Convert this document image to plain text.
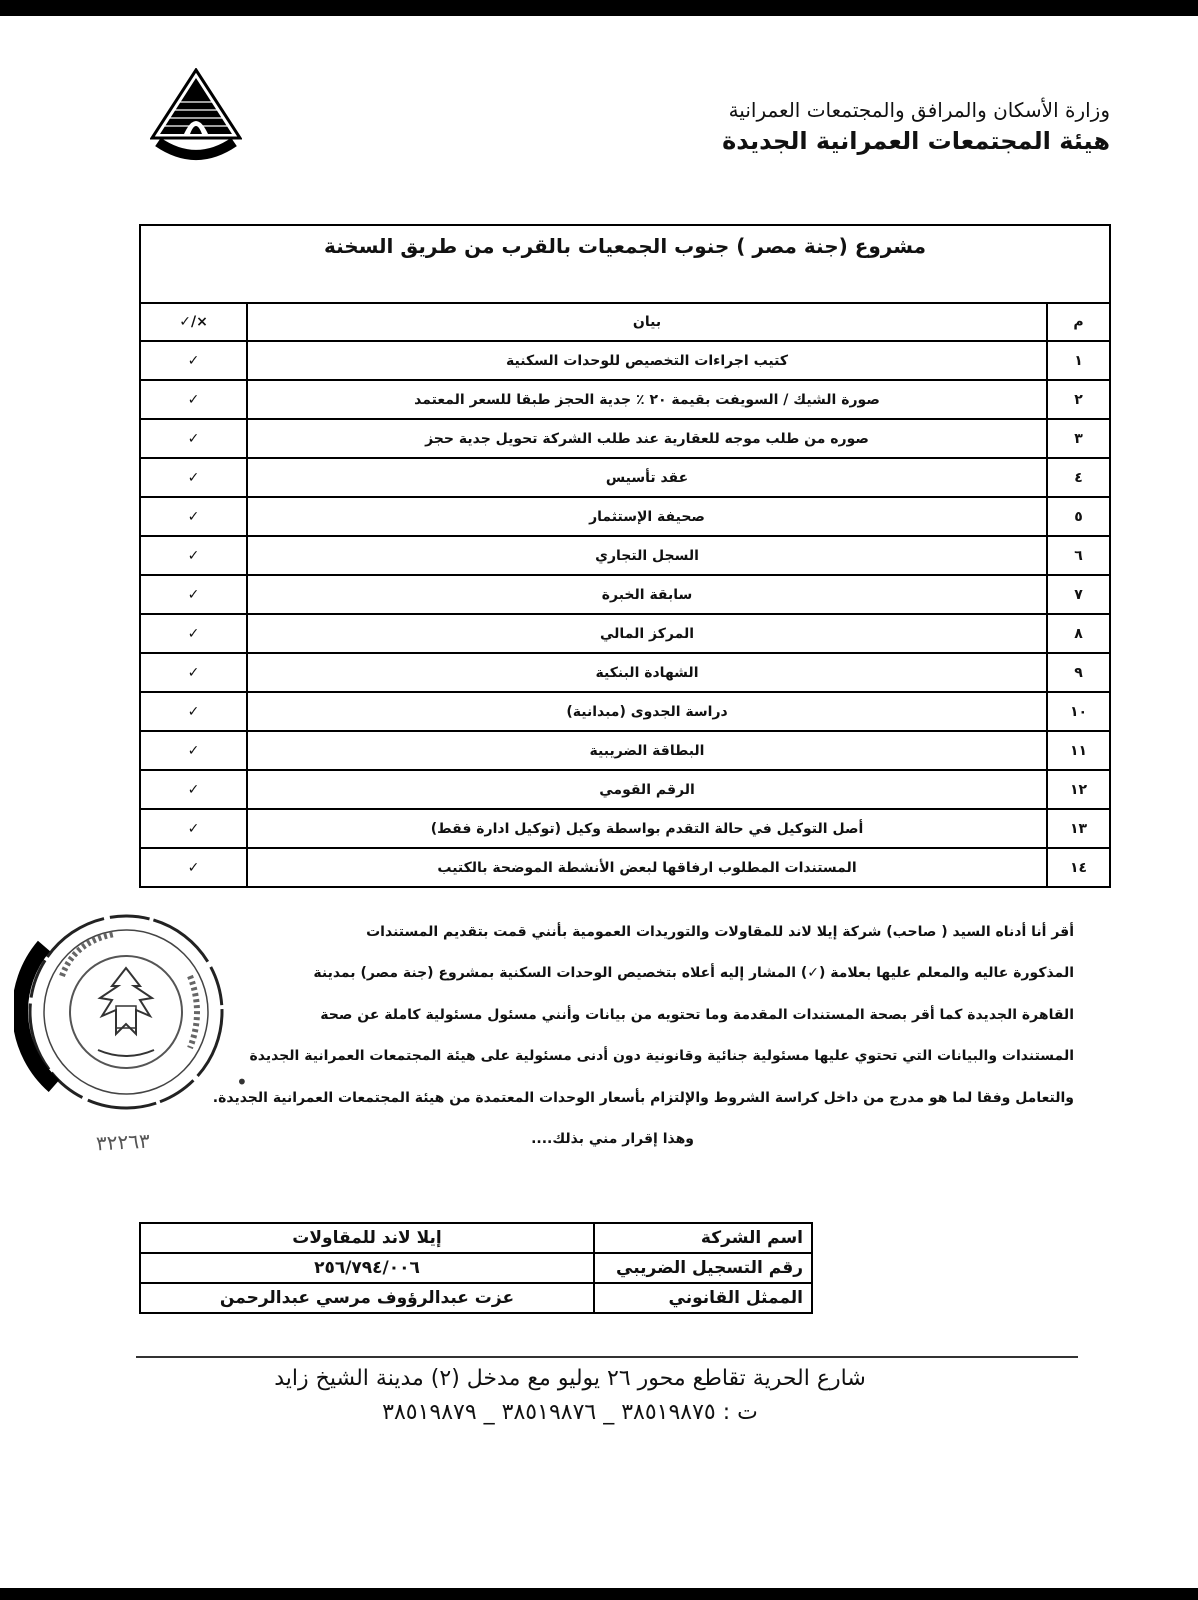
وزارة الأسكان والمرافق والمجتمعات العمرانية
هيئة المجتمعات العمرانية الجديدة
مشروع (جنة مصر ) جنوب الجمعيات بالقرب من طريق السخنة		
م	بيان	×/✓
١	كتيب اجراءات التخصيص للوحدات السكنية	✓
٢	صورة الشيك / السويفت بقيمة ٢٠ ٪ جدية الحجز طبقا للسعر المعتمد	✓
٣	صوره من طلب موجه للعقارية عند طلب الشركة تحويل جدية حجز	✓
٤	عقد تأسيس	✓
٥	صحيفة الإستثمار	✓
٦	السجل التجاري	✓
٧	سابقة الخبرة	✓
٨	المركز المالي	✓
٩	الشهادة البنكية	✓
١٠	دراسة الجدوى (مبدانية)	✓
١١	البطاقة الضريبية	✓
١٢	الرقم القومي	✓
١٣	أصل التوكيل في حالة التقدم بواسطة وكيل (توكيل ادارة فقط)	✓
١٤	المستندات المطلوب ارفاقها لبعض الأنشطة الموضحة بالكتيب	✓
٣٢٢٦٣
•

أقر أنا أدناه السيد ( صاحب) شركة إيلا لاند للمقاولات والتوريدات العمومية بأنني قمت بتقديم المستندات

المذكورة عاليه والمعلم عليها بعلامة (✓) المشار إليه أعلاه بتخصيص الوحدات السكنية بمشروع (جنة مصر) بمدينة

القاهرة الجديدة كما أقر بصحة المستندات المقدمة وما تحتويه من بيانات وأنني مسئول مسئولية كاملة عن صحة

المستندات والبيانات التي تحتوي عليها مسئولية جنائية وقانونية دون أدنى مسئولية على هيئة المجتمعات العمرانية الجديدة

والتعامل وفقا لما هو مدرج من داخل كراسة الشروط والإلتزام بأسعار الوحدات المعتمدة من هيئة المجتمعات العمرانية الجديدة.

وهذا إقرار مني بذلك....

اسم الشركة	إيلا لاند للمقاولات
رقم التسجيل الضريبي	٢٥٦/٧٩٤/٠٠٦
الممثل القانوني	عزت عبدالرؤوف مرسي عبدالرحمن
شارع الحرية تقاطع محور ٢٦ يوليو مع مدخل (٢) مدينة الشيخ زايد
ت : ٣٨٥١٩٨٧٥ _ ٣٨٥١٩٨٧٦ _ ٣٨٥١٩٨٧٩
